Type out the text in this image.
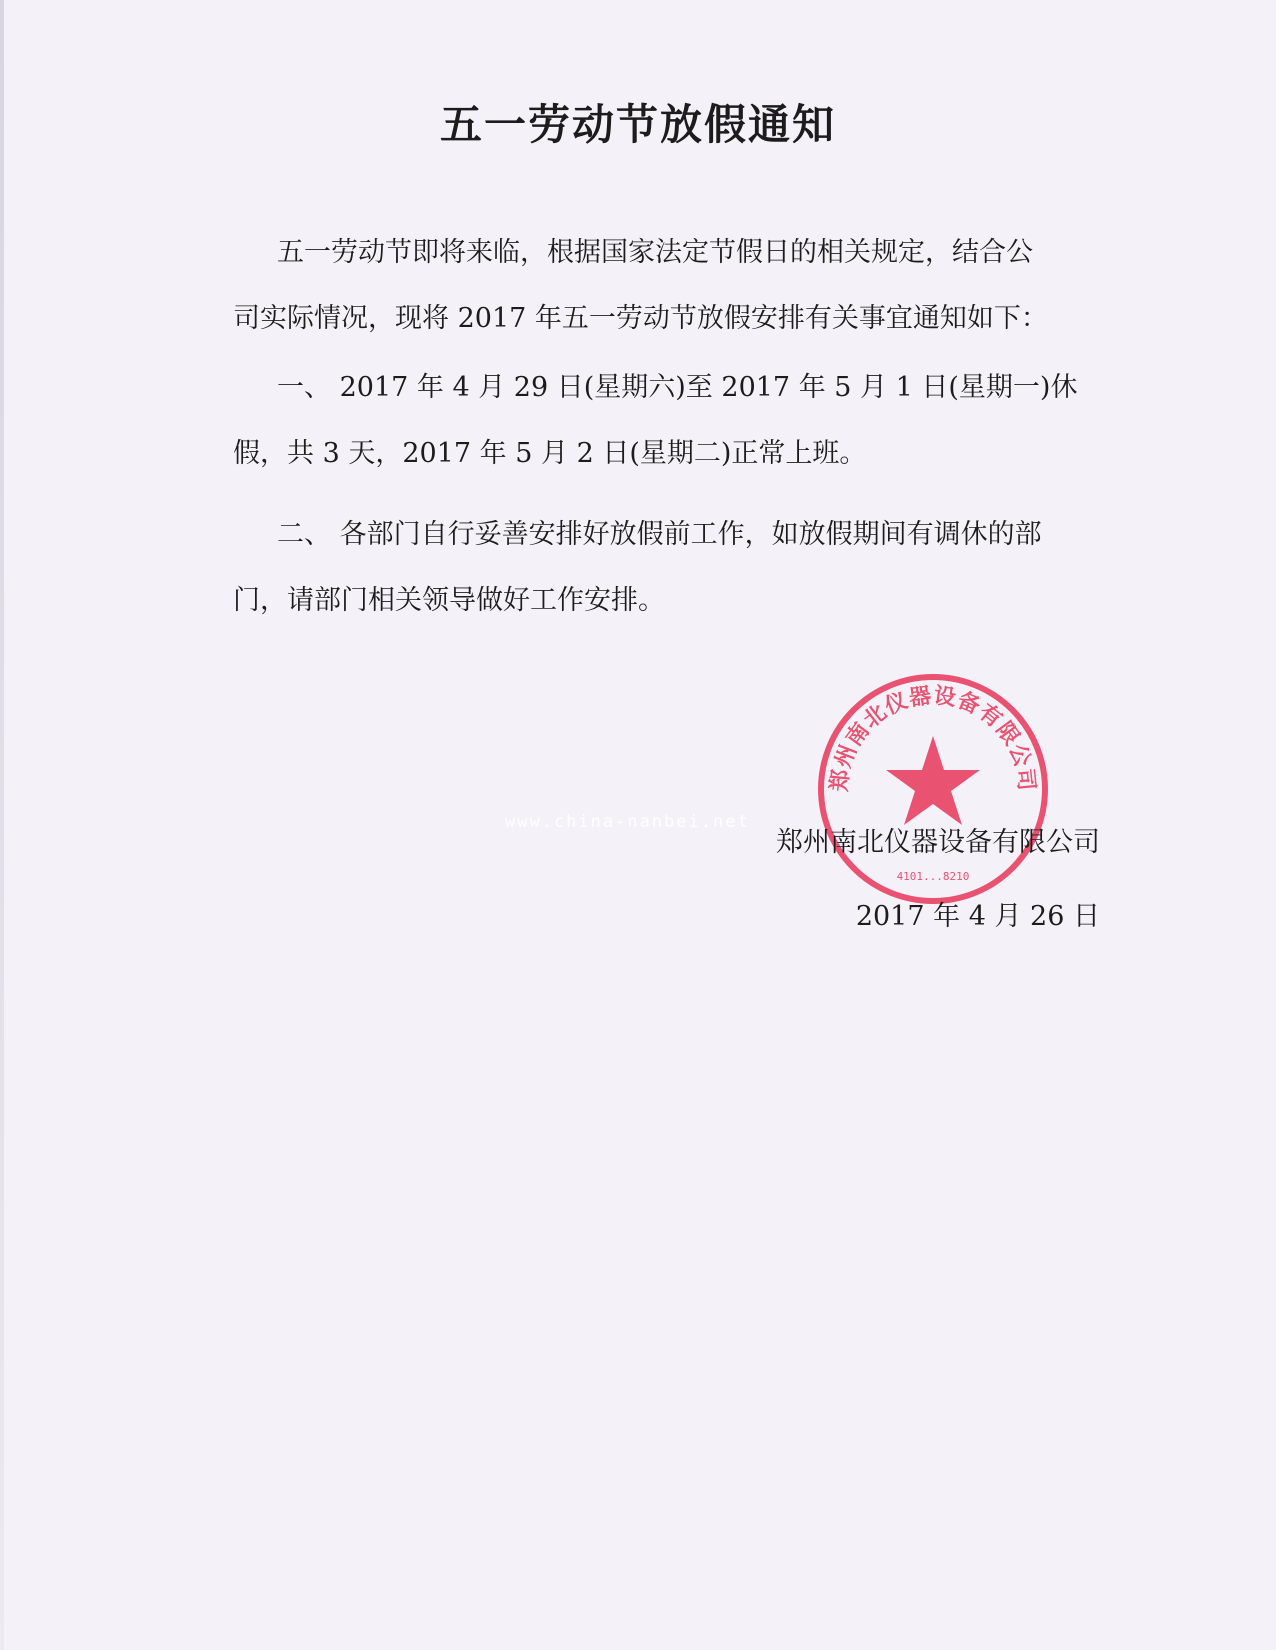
五一劳动节放假通知
五一劳动节即将来临，根据国家法定节假日的相关规定，结合公
司实际情况，现将 2017 年五一劳动节放假安排有关事宜通知如下：
一、 2017 年 4 月 29 日(星期六)至 2017 年 5 月 1 日(星期一)休
假，共 3 天，2017 年 5 月 2 日(星期二)正常上班。
二、 各部门自行妥善安排好放假前工作，如放假期间有调休的部
门，请部门相关领导做好工作安排。
郑州南北仪器设备有限公司
4101...8210
www.china-nanbei.net
郑州南北仪器设备有限公司
2017 年 4 月 26 日
